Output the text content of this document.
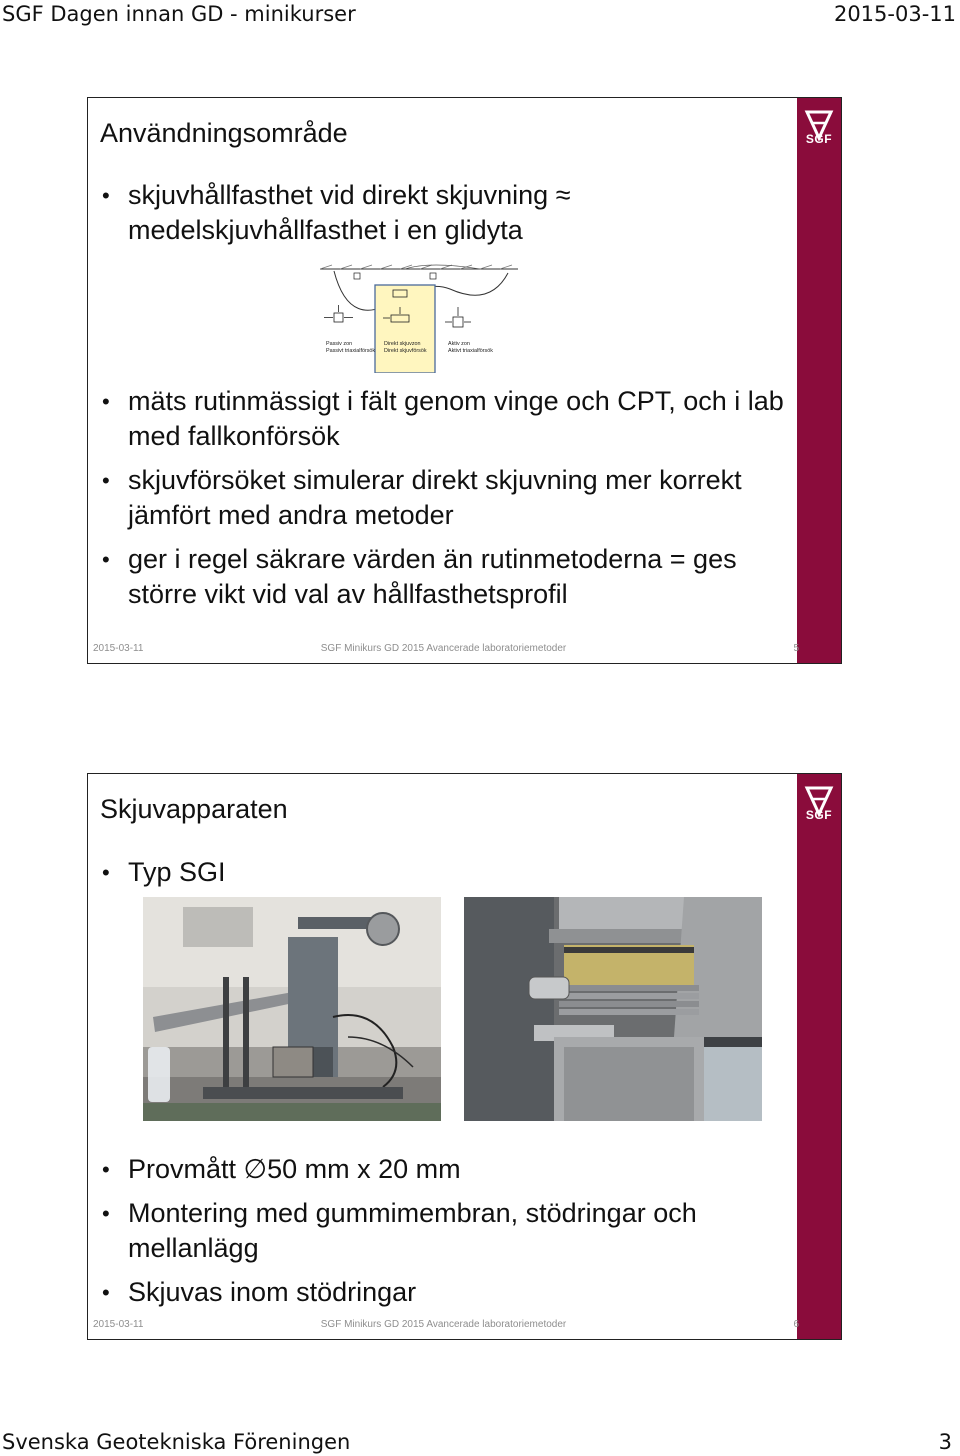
SGF Dagen innan GD - minikurser	2015-03-11
SGF
Användningsområde
• skjuvhållfasthet vid direkt skjuvning ≈ medelskjuvhållfasthet i en glidyta
Passiv zon
Passivt triaxialförsök
Direkt skjuvzon
Direkt skjuvförsök
Aktiv zon
Aktivt triaxialförsök
• mäts rutinmässigt i fält genom vinge och CPT, och i lab med fallkonförsök
• skjuvförsöket simulerar direkt skjuvning mer korrekt jämfört med andra metoder
• ger i regel säkrare värden än rutinmetoderna = ges större vikt vid val av hållfasthetsprofil
2015-03-11	SGF Minikurs GD 2015 Avancerade laboratoriemetoder	5
SGF
Skjuvapparaten
• Typ SGI
• Provmått ∅50 mm x 20 mm
• Montering med gummimembran, stödringar och mellanlägg
• Skjuvas inom stödringar
2015-03-11	SGF Minikurs GD 2015 Avancerade laboratoriemetoder	6
Svenska Geotekniska Föreningen	3
